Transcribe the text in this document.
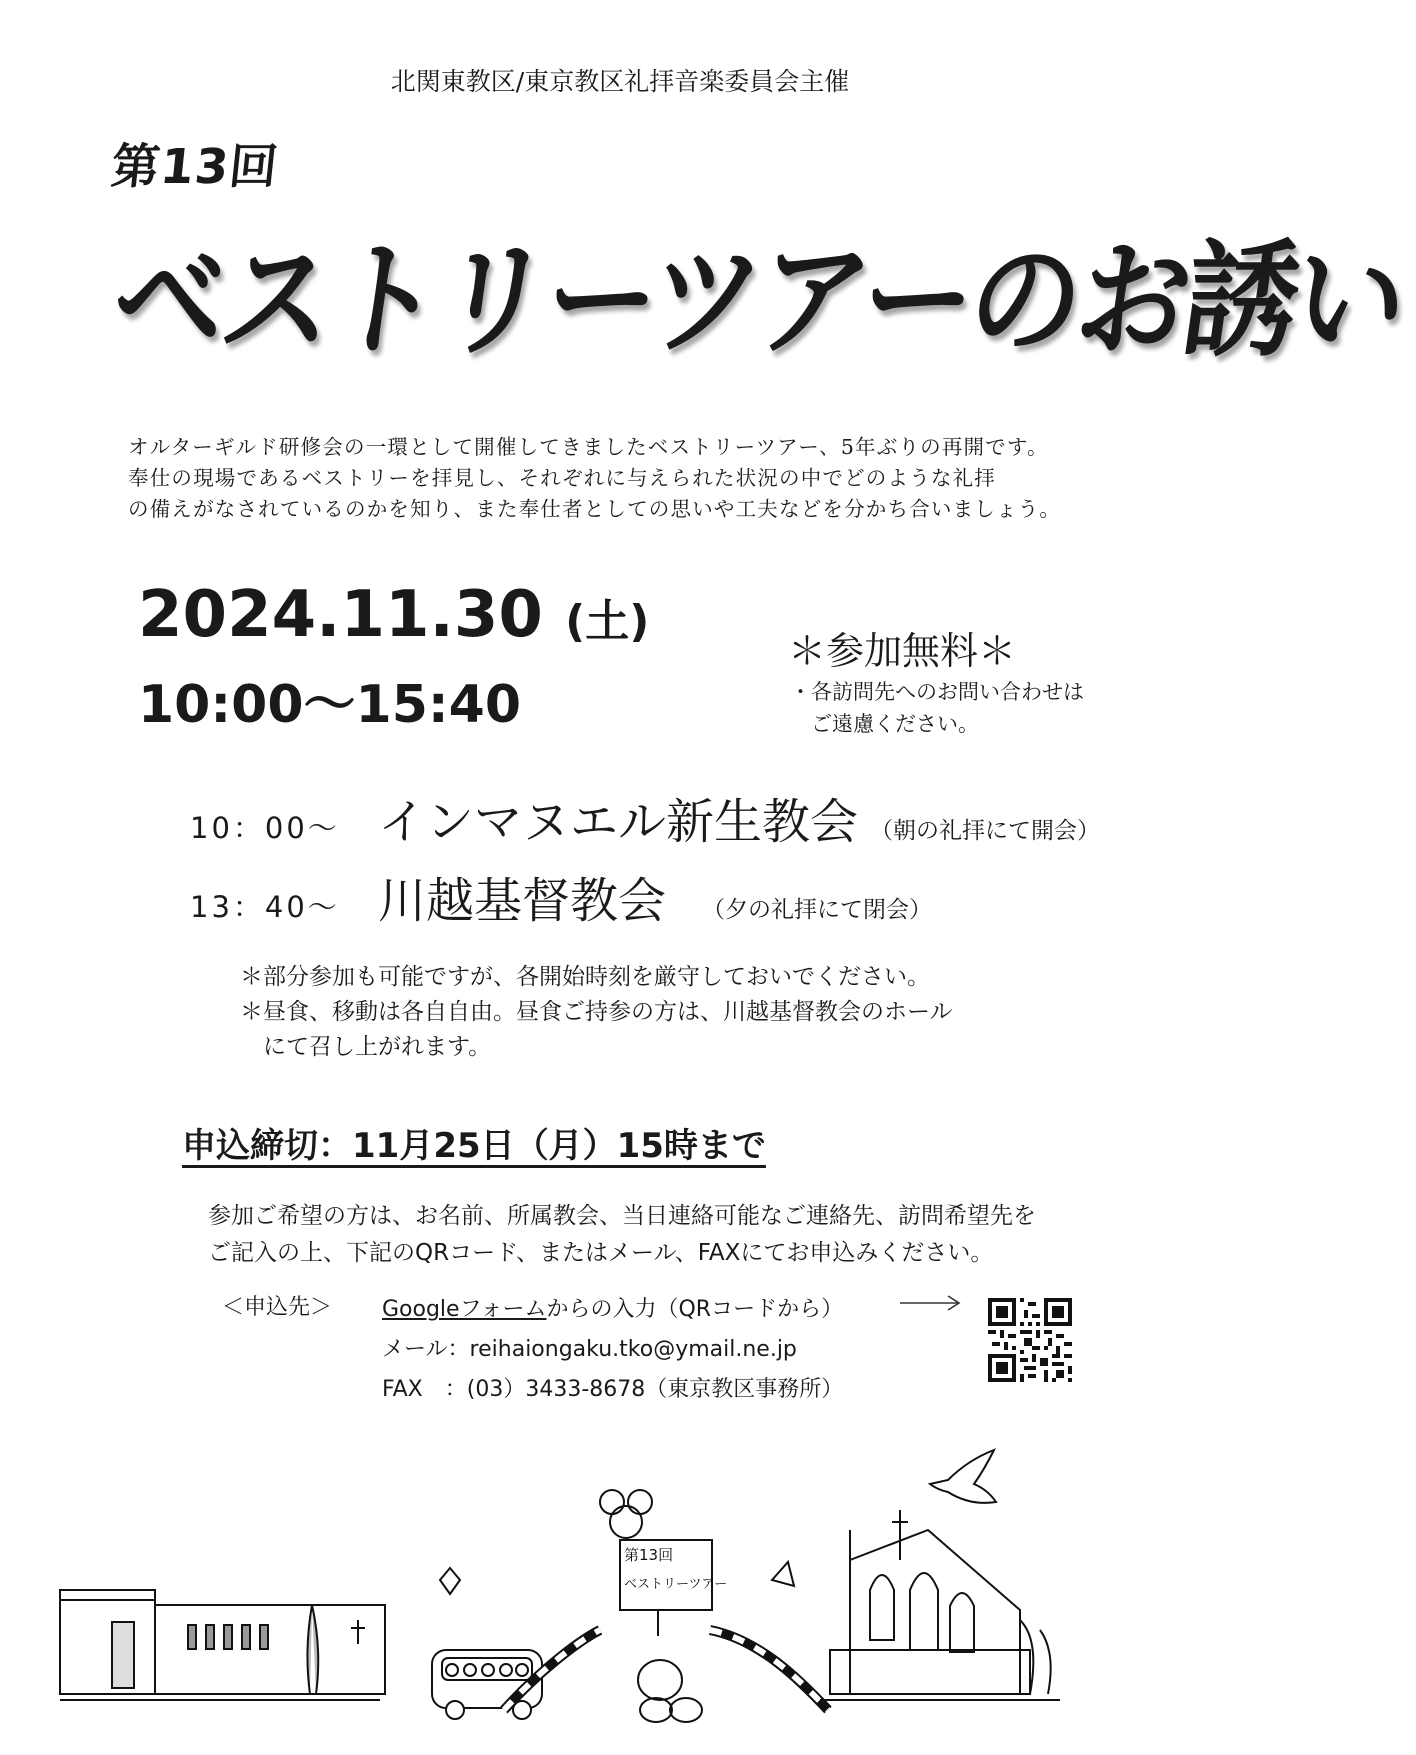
北関東教区/東京教区礼拝音楽委員会主催
第13回
ベストリーツアーのお誘い
オルターギルド研修会の一環として開催してきましたベストリーツアー、5年ぶりの再開です。
奉仕の現場であるベストリーを拝見し、それぞれに与えられた状況の中でどのような礼拝
の備えがなされているのかを知り、また奉仕者としての思いや工夫などを分かち合いましょう。
2024.11.30 (土)
10:00〜15:40
＊参加無料＊
・各訪問先へのお問い合わせは
　ご遠慮ください。
10：00〜 インマヌエル新生教会 （朝の礼拝にて開会）
13：40〜 川越基督教会 （夕の礼拝にて閉会）
＊部分参加も可能ですが、各開始時刻を厳守しておいでください。
＊昼食、移動は各自自由。昼食ご持参の方は、川越基督教会のホール
　にて召し上がれます。
申込締切：11月25日（月）15時まで
参加ご希望の方は、お名前、所属教会、当日連絡可能なご連絡先、訪問希望先を
ご記入の上、下記のQRコード、またはメール、FAXにてお申込みください。
＜申込先＞ Googleフォームからの入力（QRコードから）
メール：reihaiongaku.tko@ymail.ne.jp
FAX　：(03）3433-8678（東京教区事務所）
第13回
ベストリーツアー
